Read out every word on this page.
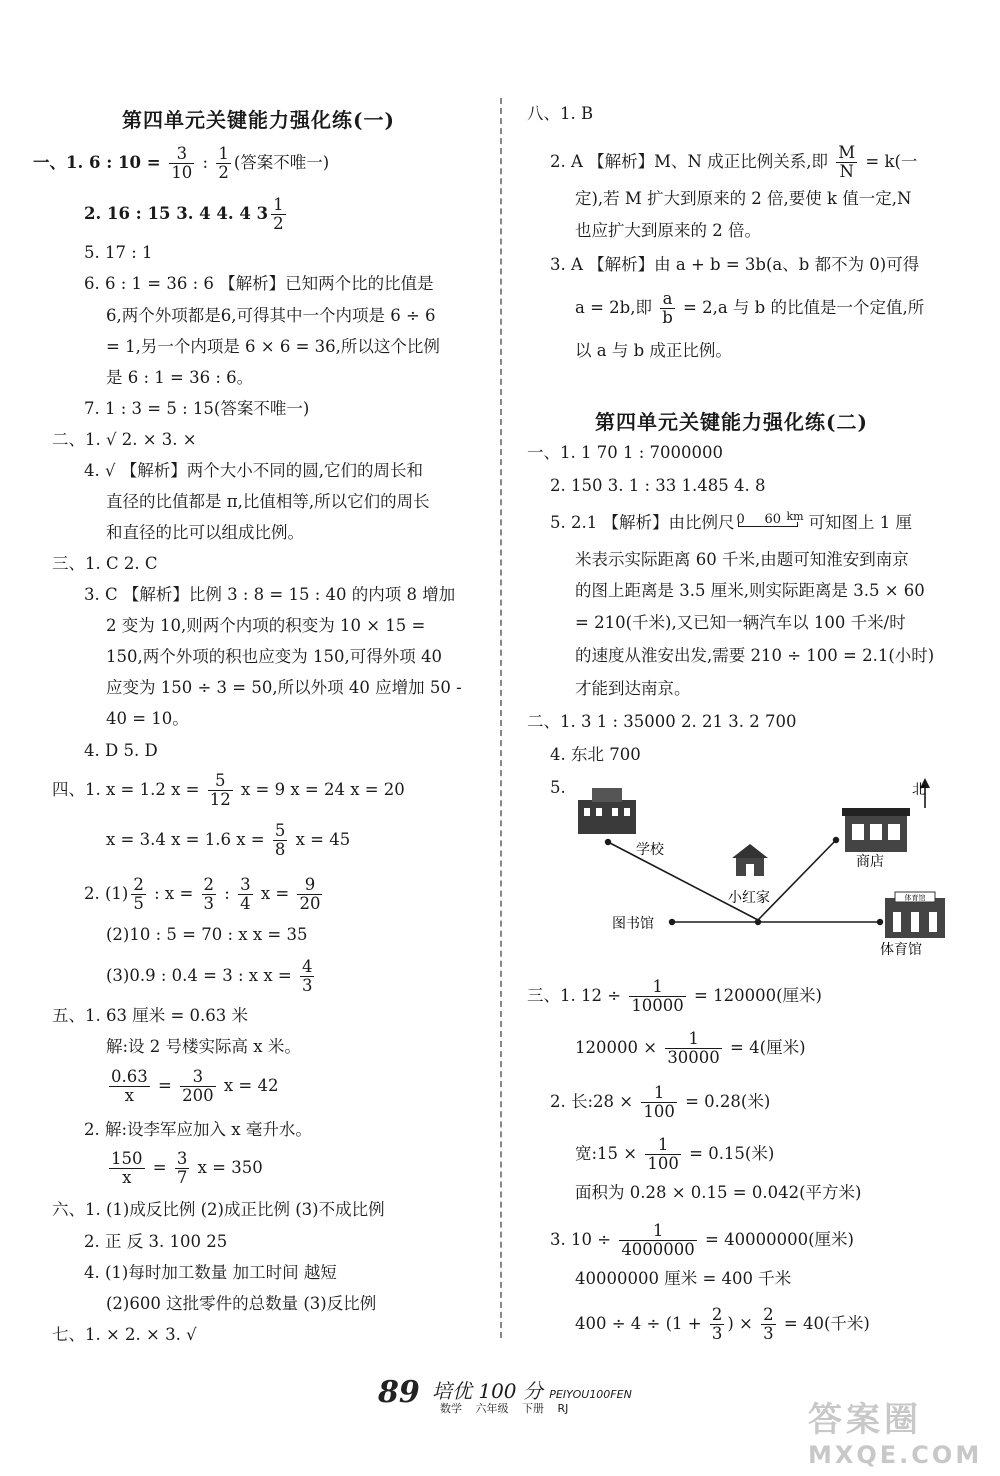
第四单元关键能力强化练(一)
一、1. 6 : $10 = \frac{3}{10}$ : $\frac{1}{2}$ (答案不唯一)
2. 16 : 15 3. 4 4. 4 $3 \frac{1}{2}$
5. 17 : 1
6. 6 : 1 = 36 : 6 【解析】已知两个比的比值是
6,两个外项都是6,可得其中一个内项是 6 ÷ 6
= 1,另一个内项是 6 × 6 = 36,所以这个比例
是 6 : 1 = 36 : 6。
7. 1 : 3 = 5 : 15(答案不唯一)
二、1. √ 2. × 3. ×
4. √ 【解析】两个大小不同的圆,它们的周长和
直径的比值都是 π,比值相等,所以它们的周长
和直径的比可以组成比例。
三、1. C 2. C
3. C 【解析】比例 3 : 8 = 15 : 40 的内项 8 增加
2 变为 10,则两个内项的积变为 10 × 15 =
150,两个外项的积也应变为 150,可得外项 40
应变为 150 ÷ 3 = 50,所以外项 40 应增加 50 -
40 = 10。
4. D 5. D
四、1. x = 1.2 $x = \frac{5}{12}$ x = 9 x = 24 x = 20
x = 3.4 x = 1.6 $x = \frac{5}{8}$ x = 45
2. $(1) \frac{2}{5}$ : $x = \frac{2}{3}$ : $\frac{3}{4}$ $x = \frac{9}{20}$
(2)10 : 5 = 70 : x x = 35
(3)0.9 : 0.4 = 3 : x $x = \frac{4}{3}$
五、1. 63 厘米 = 0.63 米
解:设 2 号楼实际高 x 米。
$\frac{0.63}{x} = \frac{3}{200}$ x = 42
2. 解:设李军应加入 x 毫升水。
$\frac{150}{x} = \frac{3}{7}$ x = 350
六、1. (1)成反比例 (2)成正比例 (3)不成比例
2. 正 反 3. 100 25
4. (1)每时加工数量 加工时间 越短
(2)600 这批零件的总数量 (3)反比例
七、1. × 2. × 3. √
八、1. B
2. A 【解析】M、N 成正比例关系,即 $\frac{M}{N} = k$(一
定),若 M 扩大到原来的 2 倍,要使 k 值一定,N
也应扩大到原来的 2 倍。
3. A 【解析】由 a + b = 3b(a、b 都不为 0)可得
a = 2b,即 $\frac{a}{b} = 2,a$ 与 b 的比值是一个定值,所
以 a 与 b 成正比例。
第四单元关键能力强化练(二)
一、1. 1 70 1 : 7000000
2. 150 3. 1 : 33 1.485 4. 8
5. 2.1 【解析】由比例尺 0 60 km 可知图上 1 厘
米表示实际距离 60 千米,由题可知淮安到南京
的图上距离是 3.5 厘米,则实际距离是 3.5 × 60
= 210(千米),又已知一辆汽车以 100 千米/时
的速度从淮安出发,需要 210 ÷ 100 = 2.1(小时)
才能到达南京。
二、1. 3 1 : 35000 2. 21 3. 2 700
4. 东北 700
5.
体育馆
北
学校
小红家
商店
图书馆
体育馆
三、1. $12 \div \frac{1}{10000} = 120000$(厘米)
$120000 \times \frac{1}{30000} = 4$(厘米)
2. 长:28 × $\frac{1}{100} = 0.28$(米)
宽:15 × $\frac{1}{100} = 0.15$(米)
面积为 0.28 × 0.15 = 0.042(平方米)
3. $10 \div \frac{1}{4000000} = 40000000$(厘米)
40000000 厘米 = 400 千米
$400 \div 4 \div (1 + \frac{2}{3}$ ) × $\frac{2}{3} = 40$(千米)
89 培优 100 分 PEIYOU100FEN
数学 六年级 下册 RJ	答案圈
MXQE.COM
